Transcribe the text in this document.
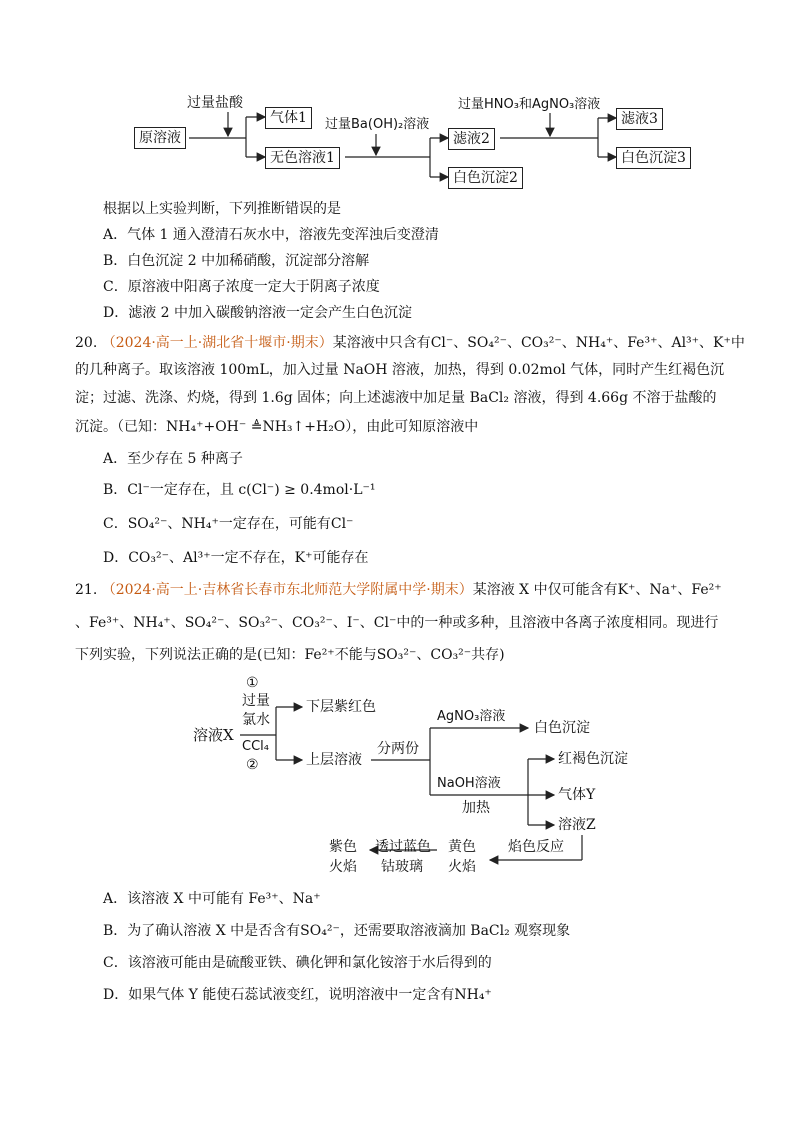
过量盐酸
原溶液
气体1
无色溶液1
过量Ba(OH)₂溶液
滤液2
白色沉淀2
过量HNO₃和AgNO₃溶液
滤液3
白色沉淀3
根据以上实验判断，下列推断错误的是
A．气体 1 通入澄清石灰水中，溶液先变浑浊后变澄清
B．白色沉淀 2 中加稀硝酸，沉淀部分溶解
C．原溶液中阳离子浓度一定大于阴离子浓度
D．滤液 2 中加入碳酸钠溶液一定会产生白色沉淀
20. （2024·高一上·湖北省十堰市·期末）某溶液中只含有Cl⁻、SO₄²⁻、CO₃²⁻、NH₄⁺、Fe³⁺、Al³⁺、K⁺中
的几种离子。取该溶液 100mL，加入过量 NaOH 溶液，加热，得到 0.02mol 气体，同时产生红褐色沉
淀；过滤、洗涤、灼烧，得到 1.6g 固体；向上述滤液中加足量 BaCl₂ 溶液，得到 4.66g 不溶于盐酸的
沉淀。（已知：NH₄⁺+OH⁻ ≜NH₃↑+H₂O），由此可知原溶液中
A．至少存在 5 种离子
B．Cl⁻一定存在，且 c(Cl⁻) ≥ 0.4mol·L⁻¹
C．SO₄²⁻、NH₄⁺一定存在，可能有Cl⁻
D．CO₃²⁻、Al³⁺一定不存在，K⁺可能存在
21. （2024·高一上·吉林省长春市东北师范大学附属中学·期末）某溶液 X 中仅可能含有K⁺、Na⁺、Fe²⁺
、Fe³⁺、NH₄⁺、SO₄²⁻、SO₃²⁻、CO₃²⁻、I⁻、Cl⁻中的一种或多种，且溶液中各离子浓度相同。现进行
下列实验，下列说法正确的是(已知：Fe²⁺不能与SO₃²⁻、CO₃²⁻共存)
①
过量
氯水
溶液X
CCl₄
②
下层紫红色
上层溶液
分两份
AgNO₃溶液
白色沉淀
NaOH溶液
加热
红褐色沉淀
气体Y
溶液Z
焰色反应
黄色
火焰
透过蓝色
钴玻璃
紫色
火焰
A．该溶液 X 中可能有 Fe³⁺、Na⁺
B．为了确认溶液 X 中是否含有SO₄²⁻，还需要取溶液滴加 BaCl₂ 观察现象
C．该溶液可能由是硫酸亚铁、碘化钾和氯化铵溶于水后得到的
D．如果气体 Y 能使石蕊试液变红，说明溶液中一定含有NH₄⁺
